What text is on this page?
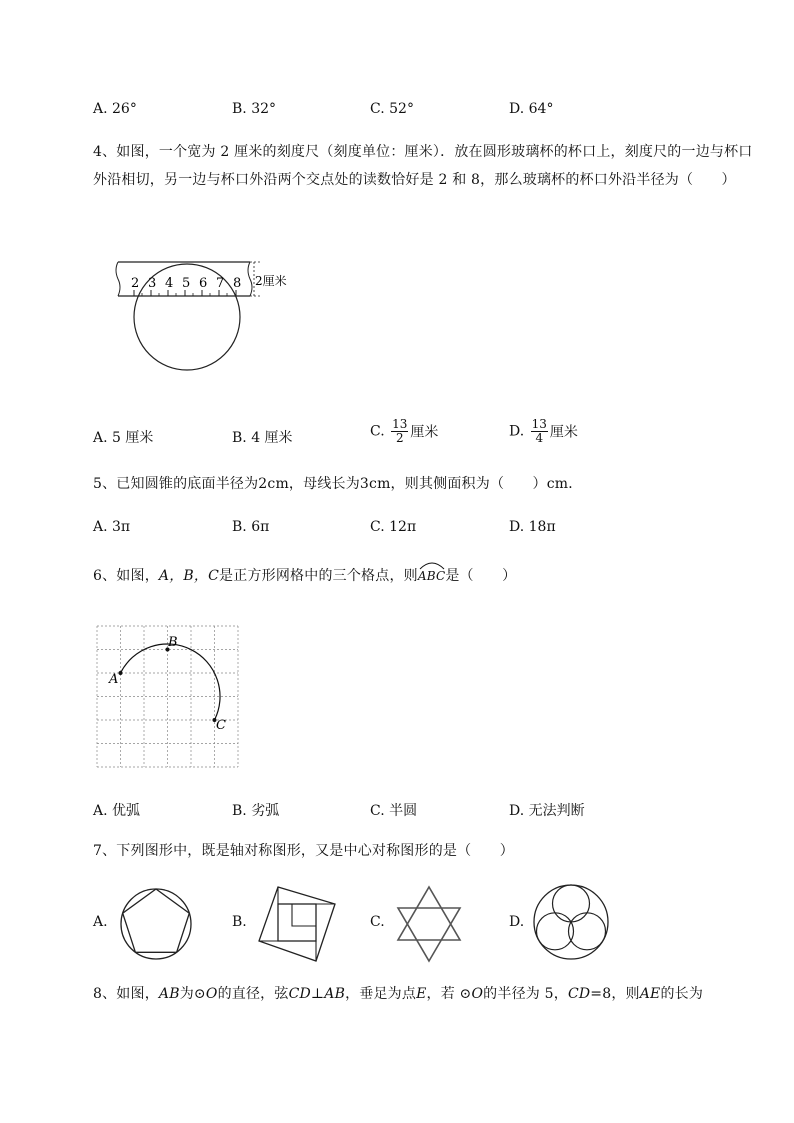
A. 26°	B. 32°	C. 52°	D. 64°
4、如图，一个宽为 2 厘米的刻度尺（刻度单位：厘米）．放在圆形玻璃杯的杯口上，刻度尺的一边与杯口外沿相切，另一边与杯口外沿两个交点处的读数恰好是 2 和 8，那么玻璃杯的杯口外沿半径为（　　）
2 3 4 5 6 7 8 2厘米
A. 5 厘米	B. 4 厘米	C. $\frac{13}{2}$ 厘米	D. $\frac{13}{4}$ 厘米
5、已知圆锥的底面半径为2cm，母线长为3cm，则其侧面积为（　　）cm．
A. 3π	B. 6π	C. 12π	D. 18π
6、如图，A，B，C是正方形网格中的三个格点，则ABC
是（　　）
A
B
C
A. 优弧	B. 劣弧	C. 半圆	D. 无法判断
7、下列图形中，既是轴对称图形，又是中心对称图形的是（　　）
A.	B.	C.	D.
8、如图，AB为⊙O的直径，弦CD⊥AB，垂足为点E，若 ⊙O的半径为 5，CD=8，则AE的长为
